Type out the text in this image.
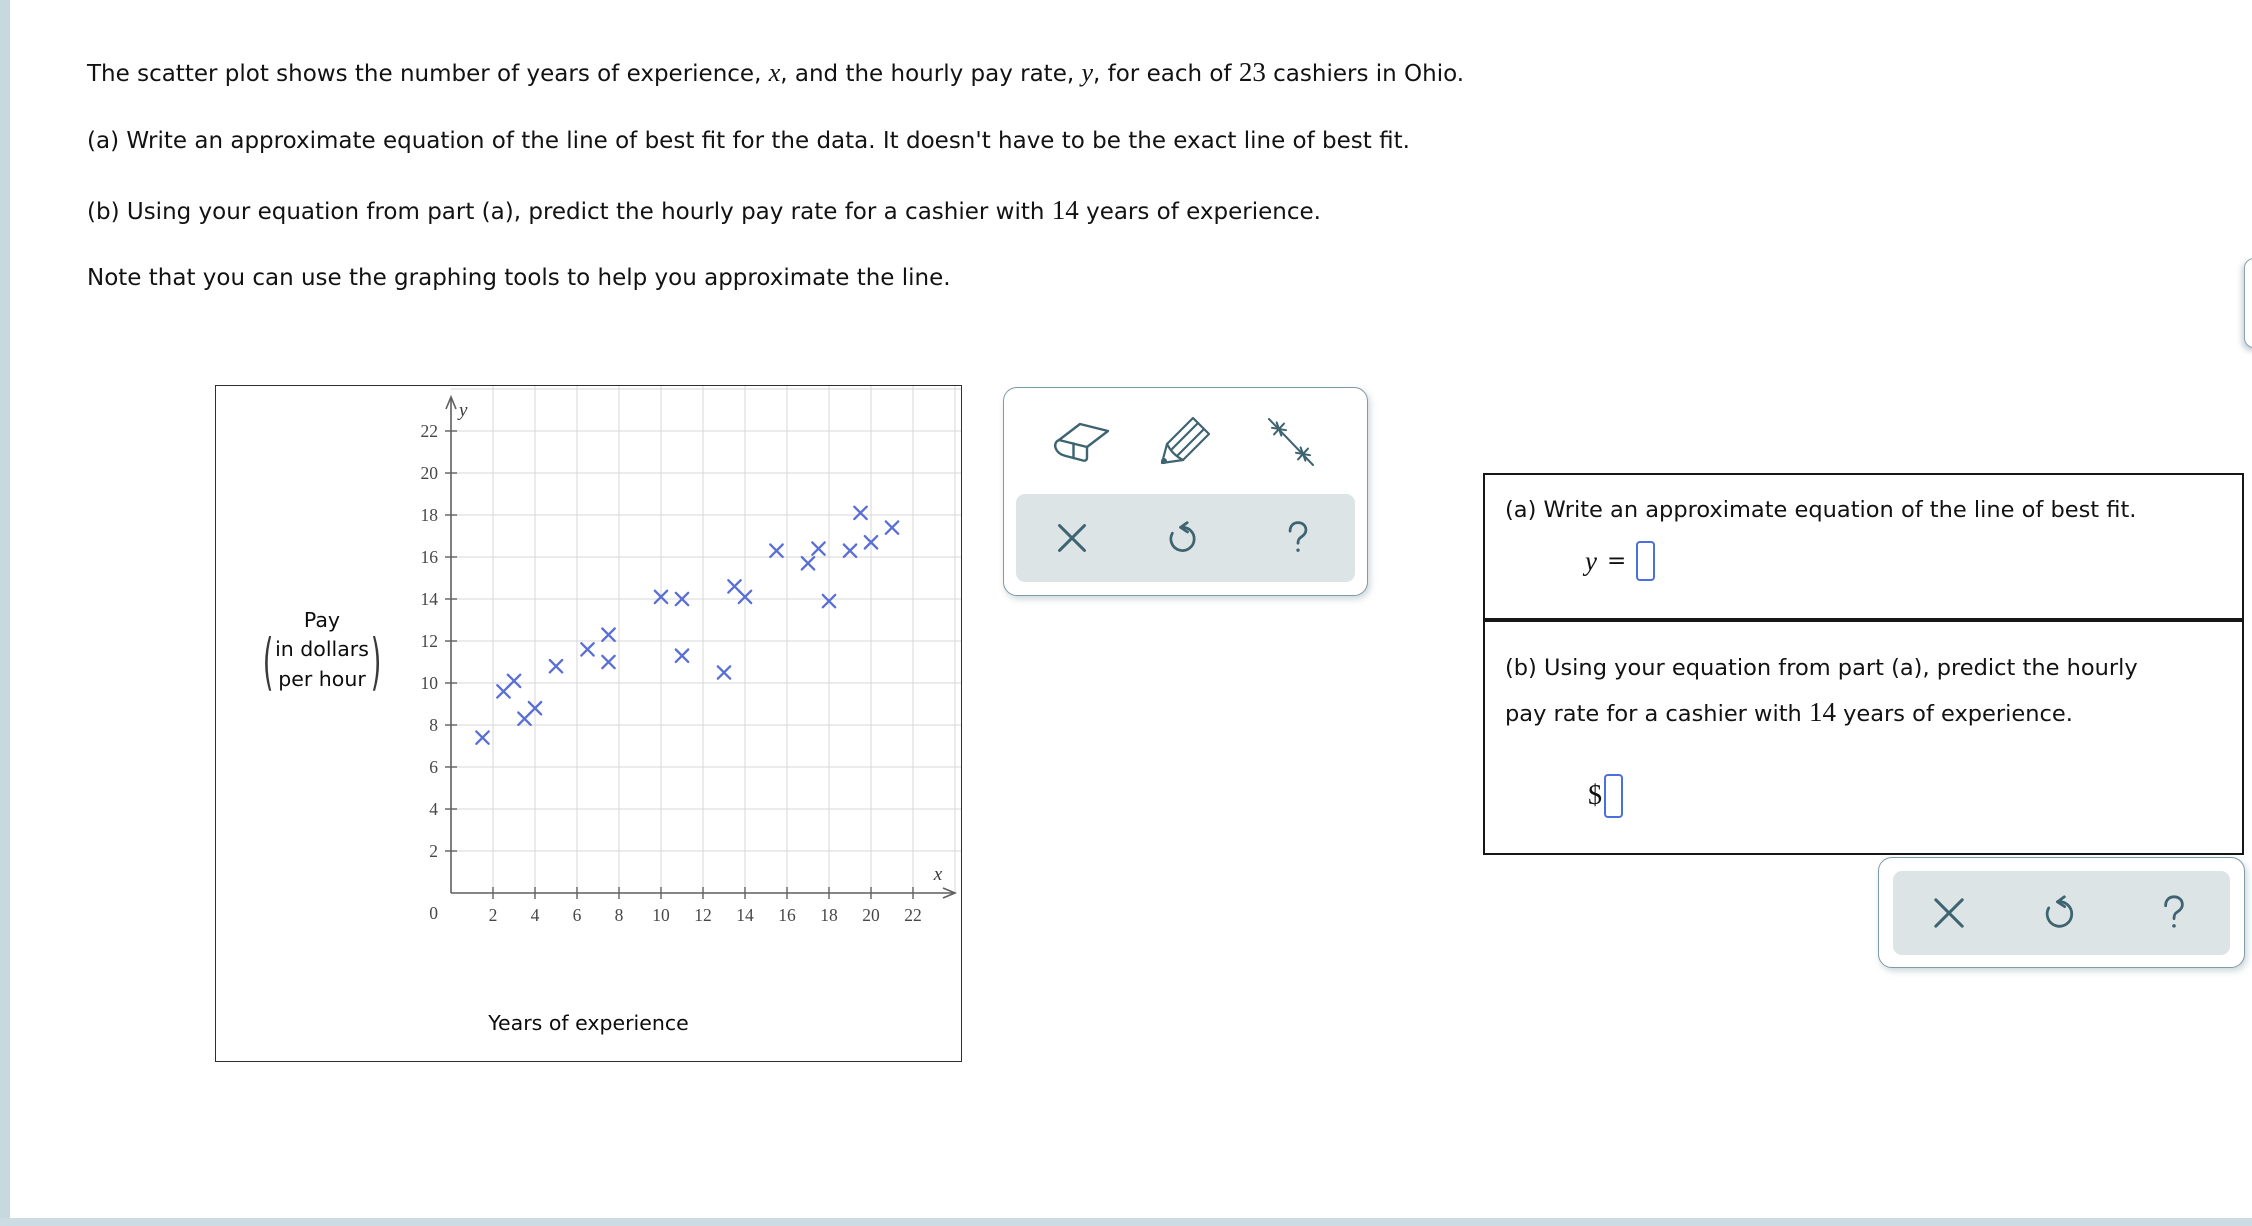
The scatter plot shows the number of years of experience, x, and the hourly pay rate, y, for each of 23 cashiers in Ohio.
(a) Write an approximate equation of the line of best fit for the data. It doesn't have to be the exact line of best fit.
(b) Using your equation from part (a), predict the hourly pay rate for a cashier with 14 years of experience.
Note that you can use the graphing tools to help you approximate the line.
2
4
6
8
10
12
14
16
18
20
22
2 4 6 8 10 12 14 16 18 20 22
0
y
x
Pay
( in dollars
per hour )
Years of experience
(a) Write an approximate equation of the line of best fit.
y =
(b) Using your equation from part (a), predict the hourly
pay rate for a cashier with 14 years of experience.
$
